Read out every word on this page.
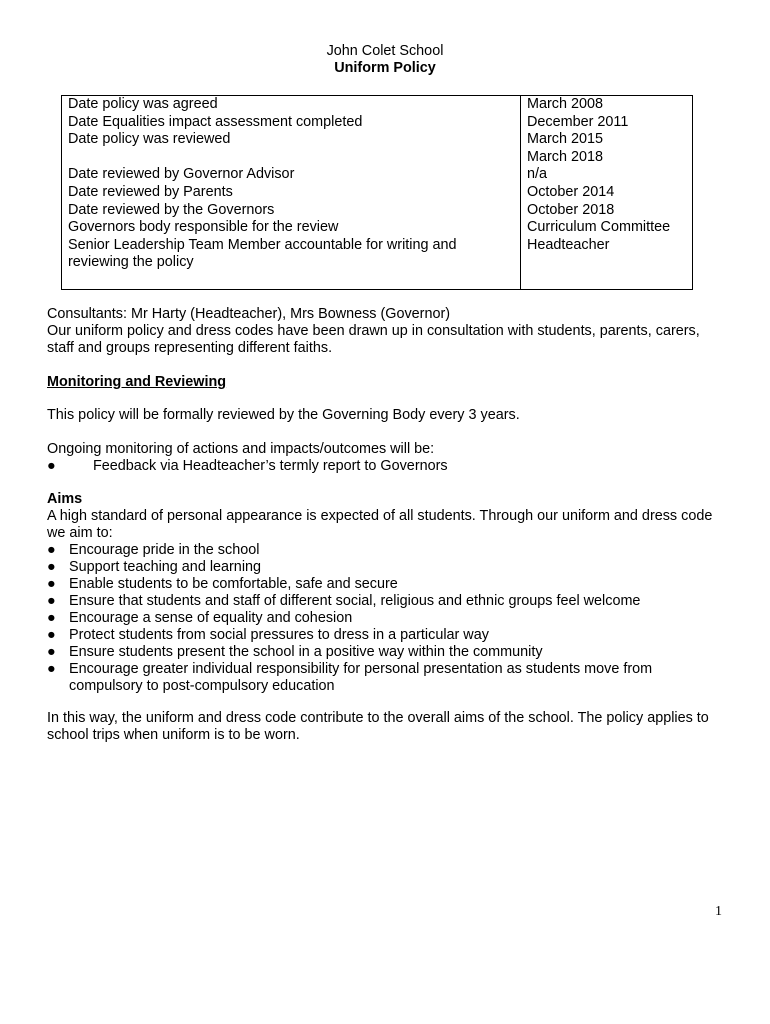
John Colet School
Uniform Policy
Date policy was agreed	March 2008
Date Equalities impact assessment completed	December 2011
Date policy was reviewed	March 2015
	March 2018
Date reviewed by Governor Advisor	n/a
Date reviewed by Parents	October 2014
Date reviewed by the Governors	October 2018
Governors body responsible for the review	Curriculum Committee
Senior Leadership Team Member accountable for writing and reviewing the policy	Headteacher

Consultants: Mr Harty (Headteacher), Mrs Bowness (Governor)

Our uniform policy and dress codes have been drawn up in consultation with students, parents, carers, staff and groups representing different faiths.

Monitoring and Reviewing

This policy will be formally reviewed by the Governing Body every 3 years.

Ongoing monitoring of actions and impacts/outcomes will be:

●	Feedback via Headteacher’s termly report to Governors

Aims

A high standard of personal appearance is expected of all students. Through our uniform and dress code we aim to:

● Encourage pride in the school
● Support teaching and learning
● Enable students to be comfortable, safe and secure
● Ensure that students and staff of different social, religious and ethnic groups feel welcome
● Encourage a sense of equality and cohesion
● Protect students from social pressures to dress in a particular way
● Ensure students present the school in a positive way within the community
● Encourage greater individual responsibility for personal presentation as students move from compulsory to post-compulsory education

In this way, the uniform and dress code contribute to the overall aims of the school. The policy applies to school trips when uniform is to be worn.

1
